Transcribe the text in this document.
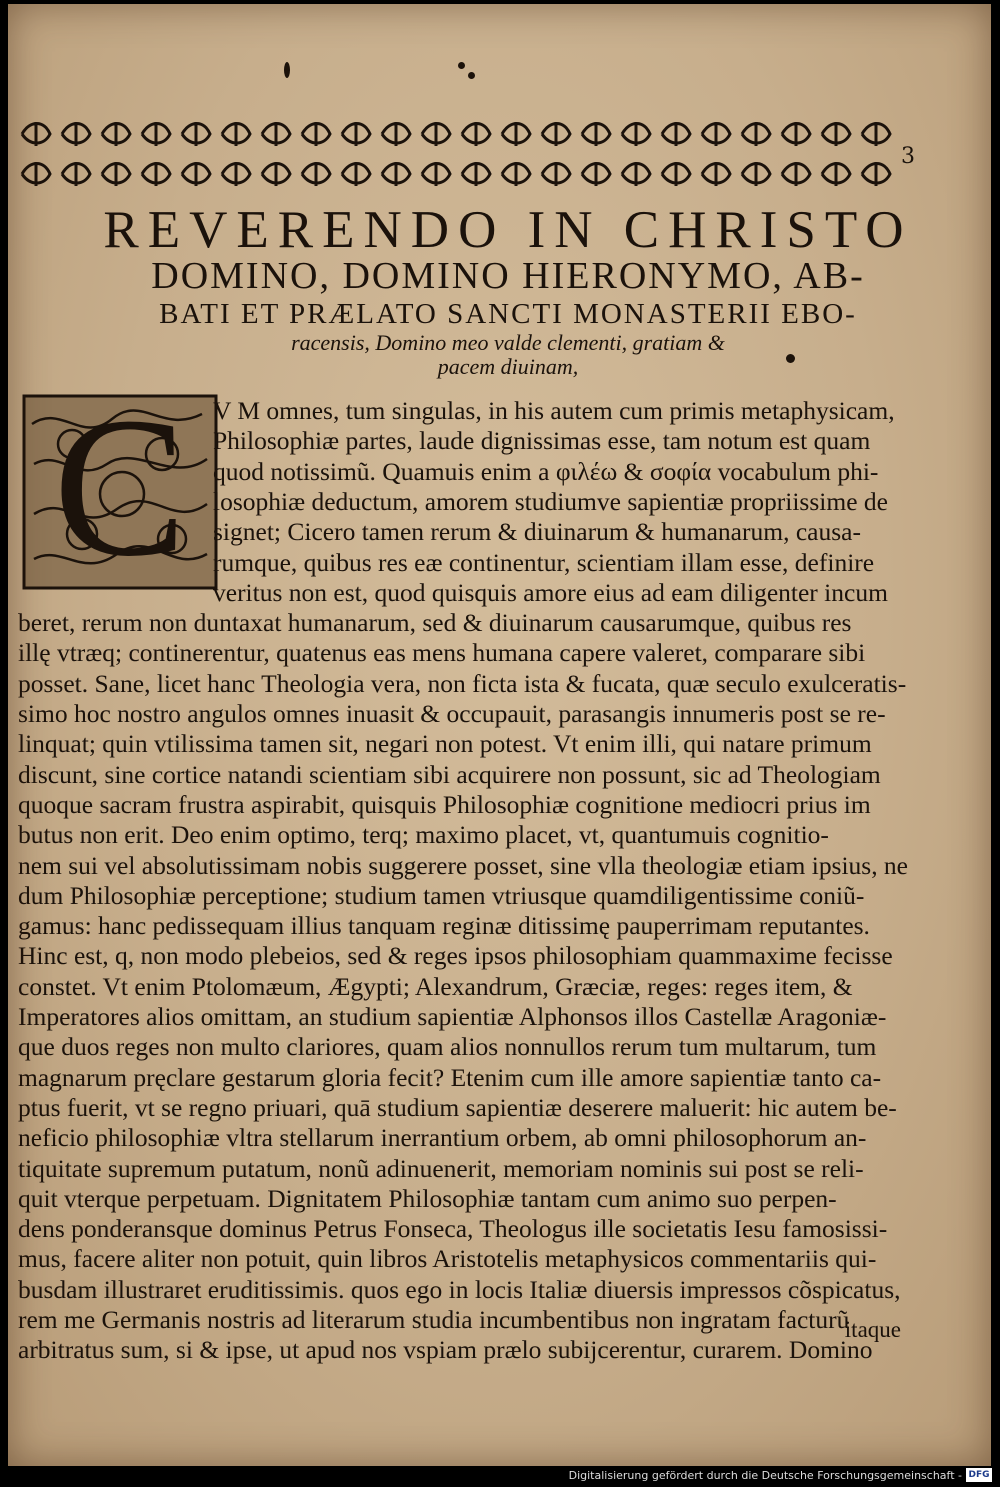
3
REVERENDO IN CHRISTO
DOMINO, DOMINO HIERONYMO, AB-
BATI ET PRÆLATO SANCTI MONASTERII EBO-
racensis, Domino meo valde clementi, gratiam &
pacem diuinam,
C	V M omnes, tum singulas, in his autem cum primis metaphysicam,
Philosophiæ partes, laude dignissimas esse, tam notum est quam
quod notissimũ. Quamuis enim a φιλέω & σοφία vocabulum phi-
losophiæ deductum, amorem studiumve sapientiæ propriissime de
signet; Cicero tamen rerum & diuinarum & humanarum, causa-
rumque, quibus res eæ continentur, scientiam illam esse, definire
veritus non est, quod quisquis amore eius ad eam diligenter incum
beret, rerum non duntaxat humanarum, sed & diuinarum causarumque, quibus res
illę vtræq; continerentur, quatenus eas mens humana capere valeret, comparare sibi
posset. Sane, licet hanc Theologia vera, non ficta ista & fucata, quæ seculo exulceratis-
simo hoc nostro angulos omnes inuasit & occupauit, parasangis innumeris post se re-
linquat; quin vtilissima tamen sit, negari non potest. Vt enim illi, qui natare primum
discunt, sine cortice natandi scientiam sibi acquirere non possunt, sic ad Theologiam
quoque sacram frustra aspirabit, quisquis Philosophiæ cognitione mediocri prius im
butus non erit. Deo enim optimo, terq; maximo placet, vt, quantumuis cognitio-
nem sui vel absolutissimam nobis suggerere posset, sine vlla theologiæ etiam ipsius, ne
dum Philosophiæ perceptione; studium tamen vtriusque quamdiligentissime coniũ-
gamus: hanc pedissequam illius tanquam reginæ ditissimę pauperrimam reputantes.
Hinc est, q, non modo plebeios, sed & reges ipsos philosophiam quammaxime fecisse
constet. Vt enim Ptolomæum, Ægypti; Alexandrum, Græciæ, reges: reges item, &
Imperatores alios omittam, an studium sapientiæ Alphonsos illos Castellæ Aragoniæ-
que duos reges non multo clariores, quam alios nonnullos rerum tum multarum, tum
magnarum pręclare gestarum gloria fecit? Etenim cum ille amore sapientiæ tanto ca-
ptus fuerit, vt se regno priuari, quā studium sapientiæ deserere maluerit: hic autem be-
neficio philosophiæ vltra stellarum inerrantium orbem, ab omni philosophorum an-
tiquitate supremum putatum, nonũ adinuenerit, memoriam nominis sui post se reli-
quit vterque perpetuam. Dignitatem Philosophiæ tantam cum animo suo perpen-
dens ponderansque dominus Petrus Fonseca, Theologus ille societatis Iesu famosissi-
mus, facere aliter non potuit, quin libros Aristotelis metaphysicos commentariis qui-
busdam illustraret eruditissimis. quos ego in locis Italiæ diuersis impressos cõspicatus,
rem me Germanis nostris ad literarum studia incumbentibus non ingratam facturũ
arbitratus sum, si & ipse, ut apud nos vspiam prælo subijcerentur, curarem. Domino
itaque
Digitalisierung gefördert durch die Deutsche Forschungsgemeinschaft - DFG
